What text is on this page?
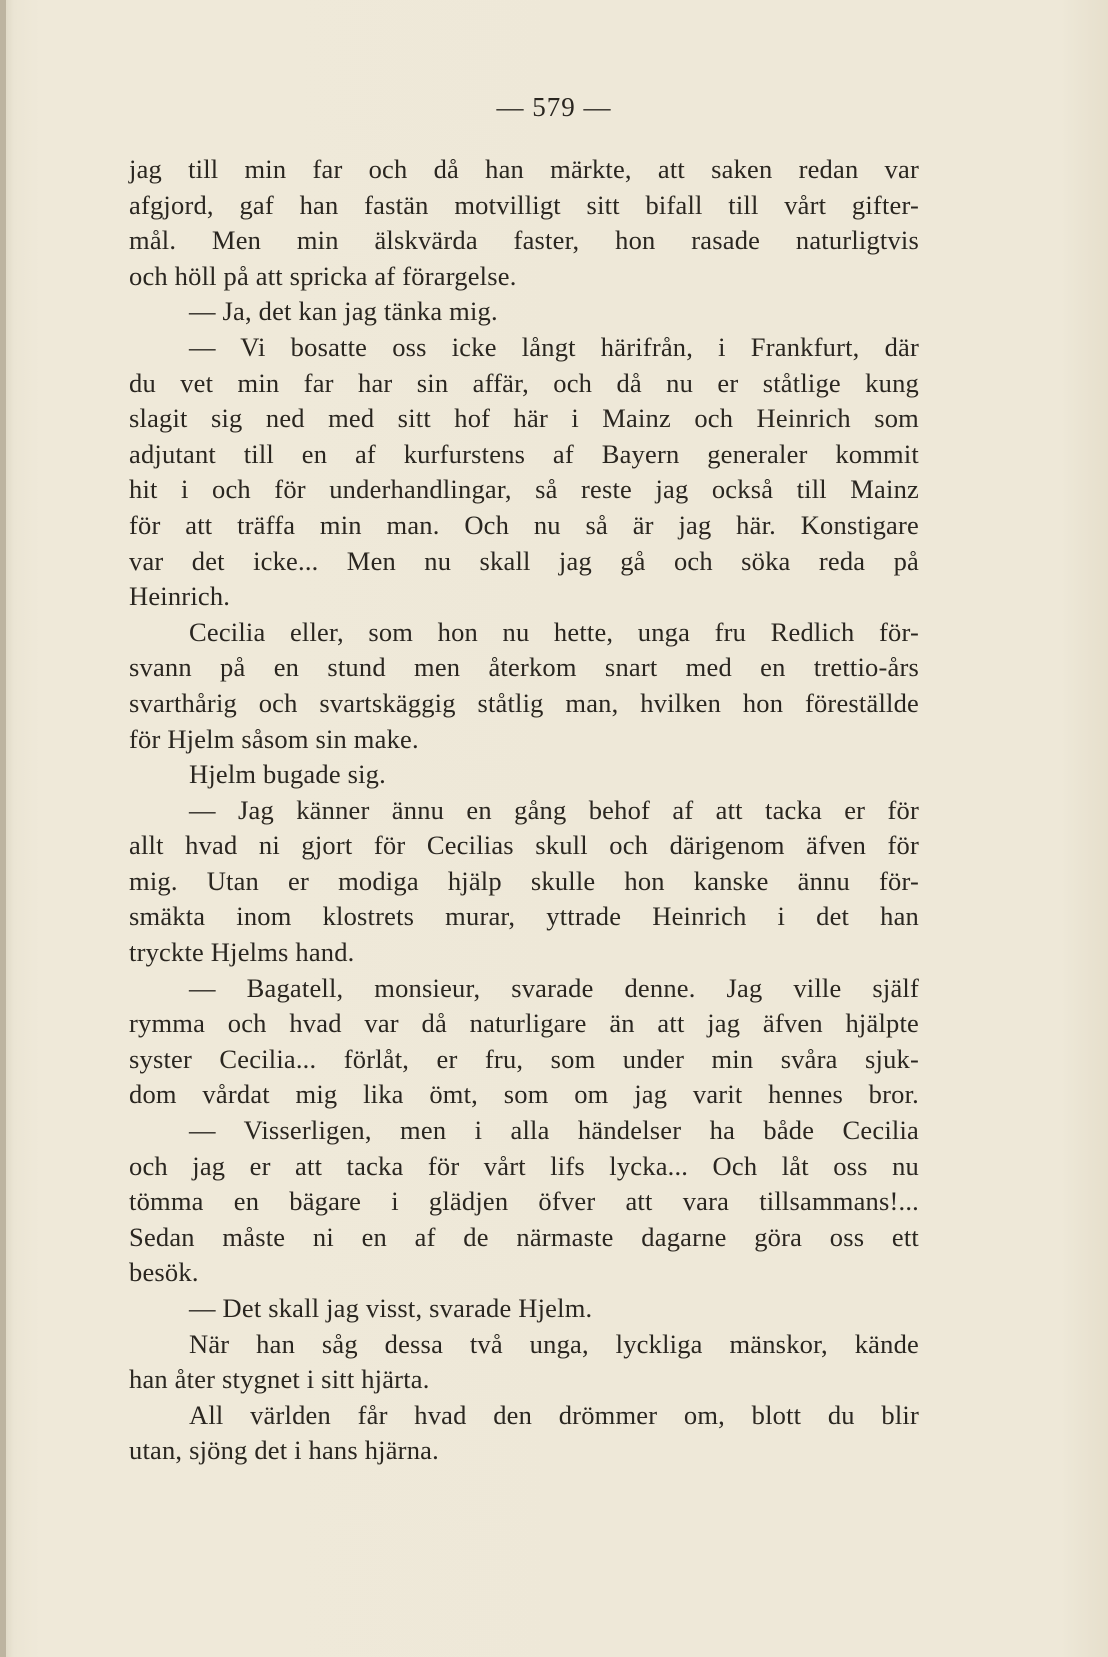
— 579 —
jag till min far och då han märkte, att saken redan var
afgjord, gaf han fastän motvilligt sitt bifall till vårt gifter-
mål. Men min älskvärda faster, hon rasade naturligtvis
och höll på att spricka af förargelse.
— Ja, det kan jag tänka mig.
— Vi bosatte oss icke långt härifrån, i Frankfurt, där
du vet min far har sin affär, och då nu er ståtlige kung
slagit sig ned med sitt hof här i Mainz och Heinrich som
adjutant till en af kurfurstens af Bayern generaler kommit
hit i och för underhandlingar, så reste jag också till Mainz
för att träffa min man. Och nu så är jag här. Konstigare
var det icke... Men nu skall jag gå och söka reda på
Heinrich.
Cecilia eller, som hon nu hette, unga fru Redlich för-
svann på en stund men återkom snart med en trettio-års
svarthårig och svartskäggig ståtlig man, hvilken hon föreställde
för Hjelm såsom sin make.
Hjelm bugade sig.
— Jag känner ännu en gång behof af att tacka er för
allt hvad ni gjort för Cecilias skull och därigenom äfven för
mig. Utan er modiga hjälp skulle hon kanske ännu för-
smäkta inom klostrets murar, yttrade Heinrich i det han
tryckte Hjelms hand.
— Bagatell, monsieur, svarade denne. Jag ville själf
rymma och hvad var då naturligare än att jag äfven hjälpte
syster Cecilia... förlåt, er fru, som under min svåra sjuk-
dom vårdat mig lika ömt, som om jag varit hennes bror.
— Visserligen, men i alla händelser ha både Cecilia
och jag er att tacka för vårt lifs lycka... Och låt oss nu
tömma en bägare i glädjen öfver att vara tillsammans!...
Sedan måste ni en af de närmaste dagarne göra oss ett
besök.
— Det skall jag visst, svarade Hjelm.
När han såg dessa två unga, lyckliga mänskor, kände
han åter stygnet i sitt hjärta.
All världen får hvad den drömmer om, blott du blir
utan, sjöng det i hans hjärna.
